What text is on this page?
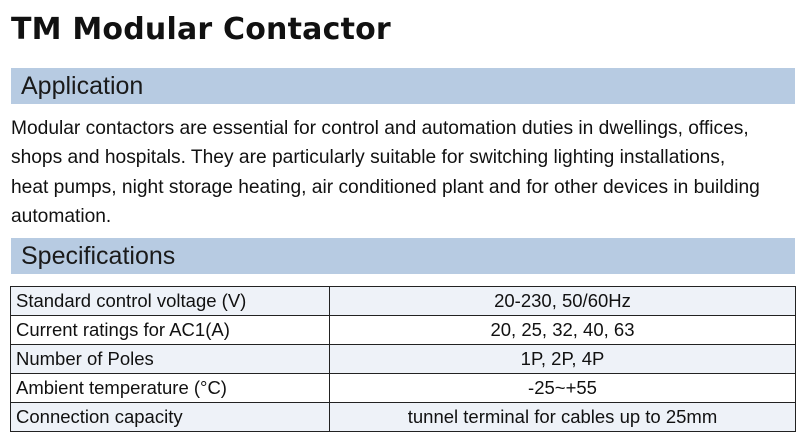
TM Modular Contactor
Application

Modular contactors are essential for control and automation duties in dwellings, offices,
shops and hospitals. They are particularly suitable for switching lighting installations,
heat pumps, night storage heating, air conditioned plant and for other devices in building
automation.

Specifications
Standard control voltage (V)	20-230, 50/60Hz
Current ratings for AC1(A)	20, 25, 32, 40, 63
Number of Poles	1P, 2P, 4P
Ambient temperature (°C)	-25~+55
Connection capacity	tunnel terminal for cables up to 25mm
